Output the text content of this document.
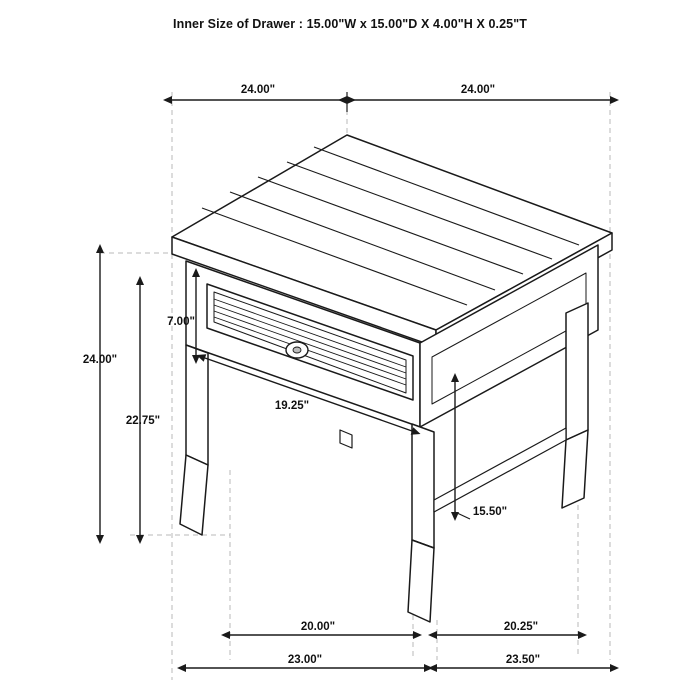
Inner Size of Drawer : 15.00"W x 15.00"D X 4.00"H X 0.25"T
24.00"	24.00"
24.00"
22.75"
7.00"
19.25"
15.50"
20.00"	20.25"
23.00"	23.50"
